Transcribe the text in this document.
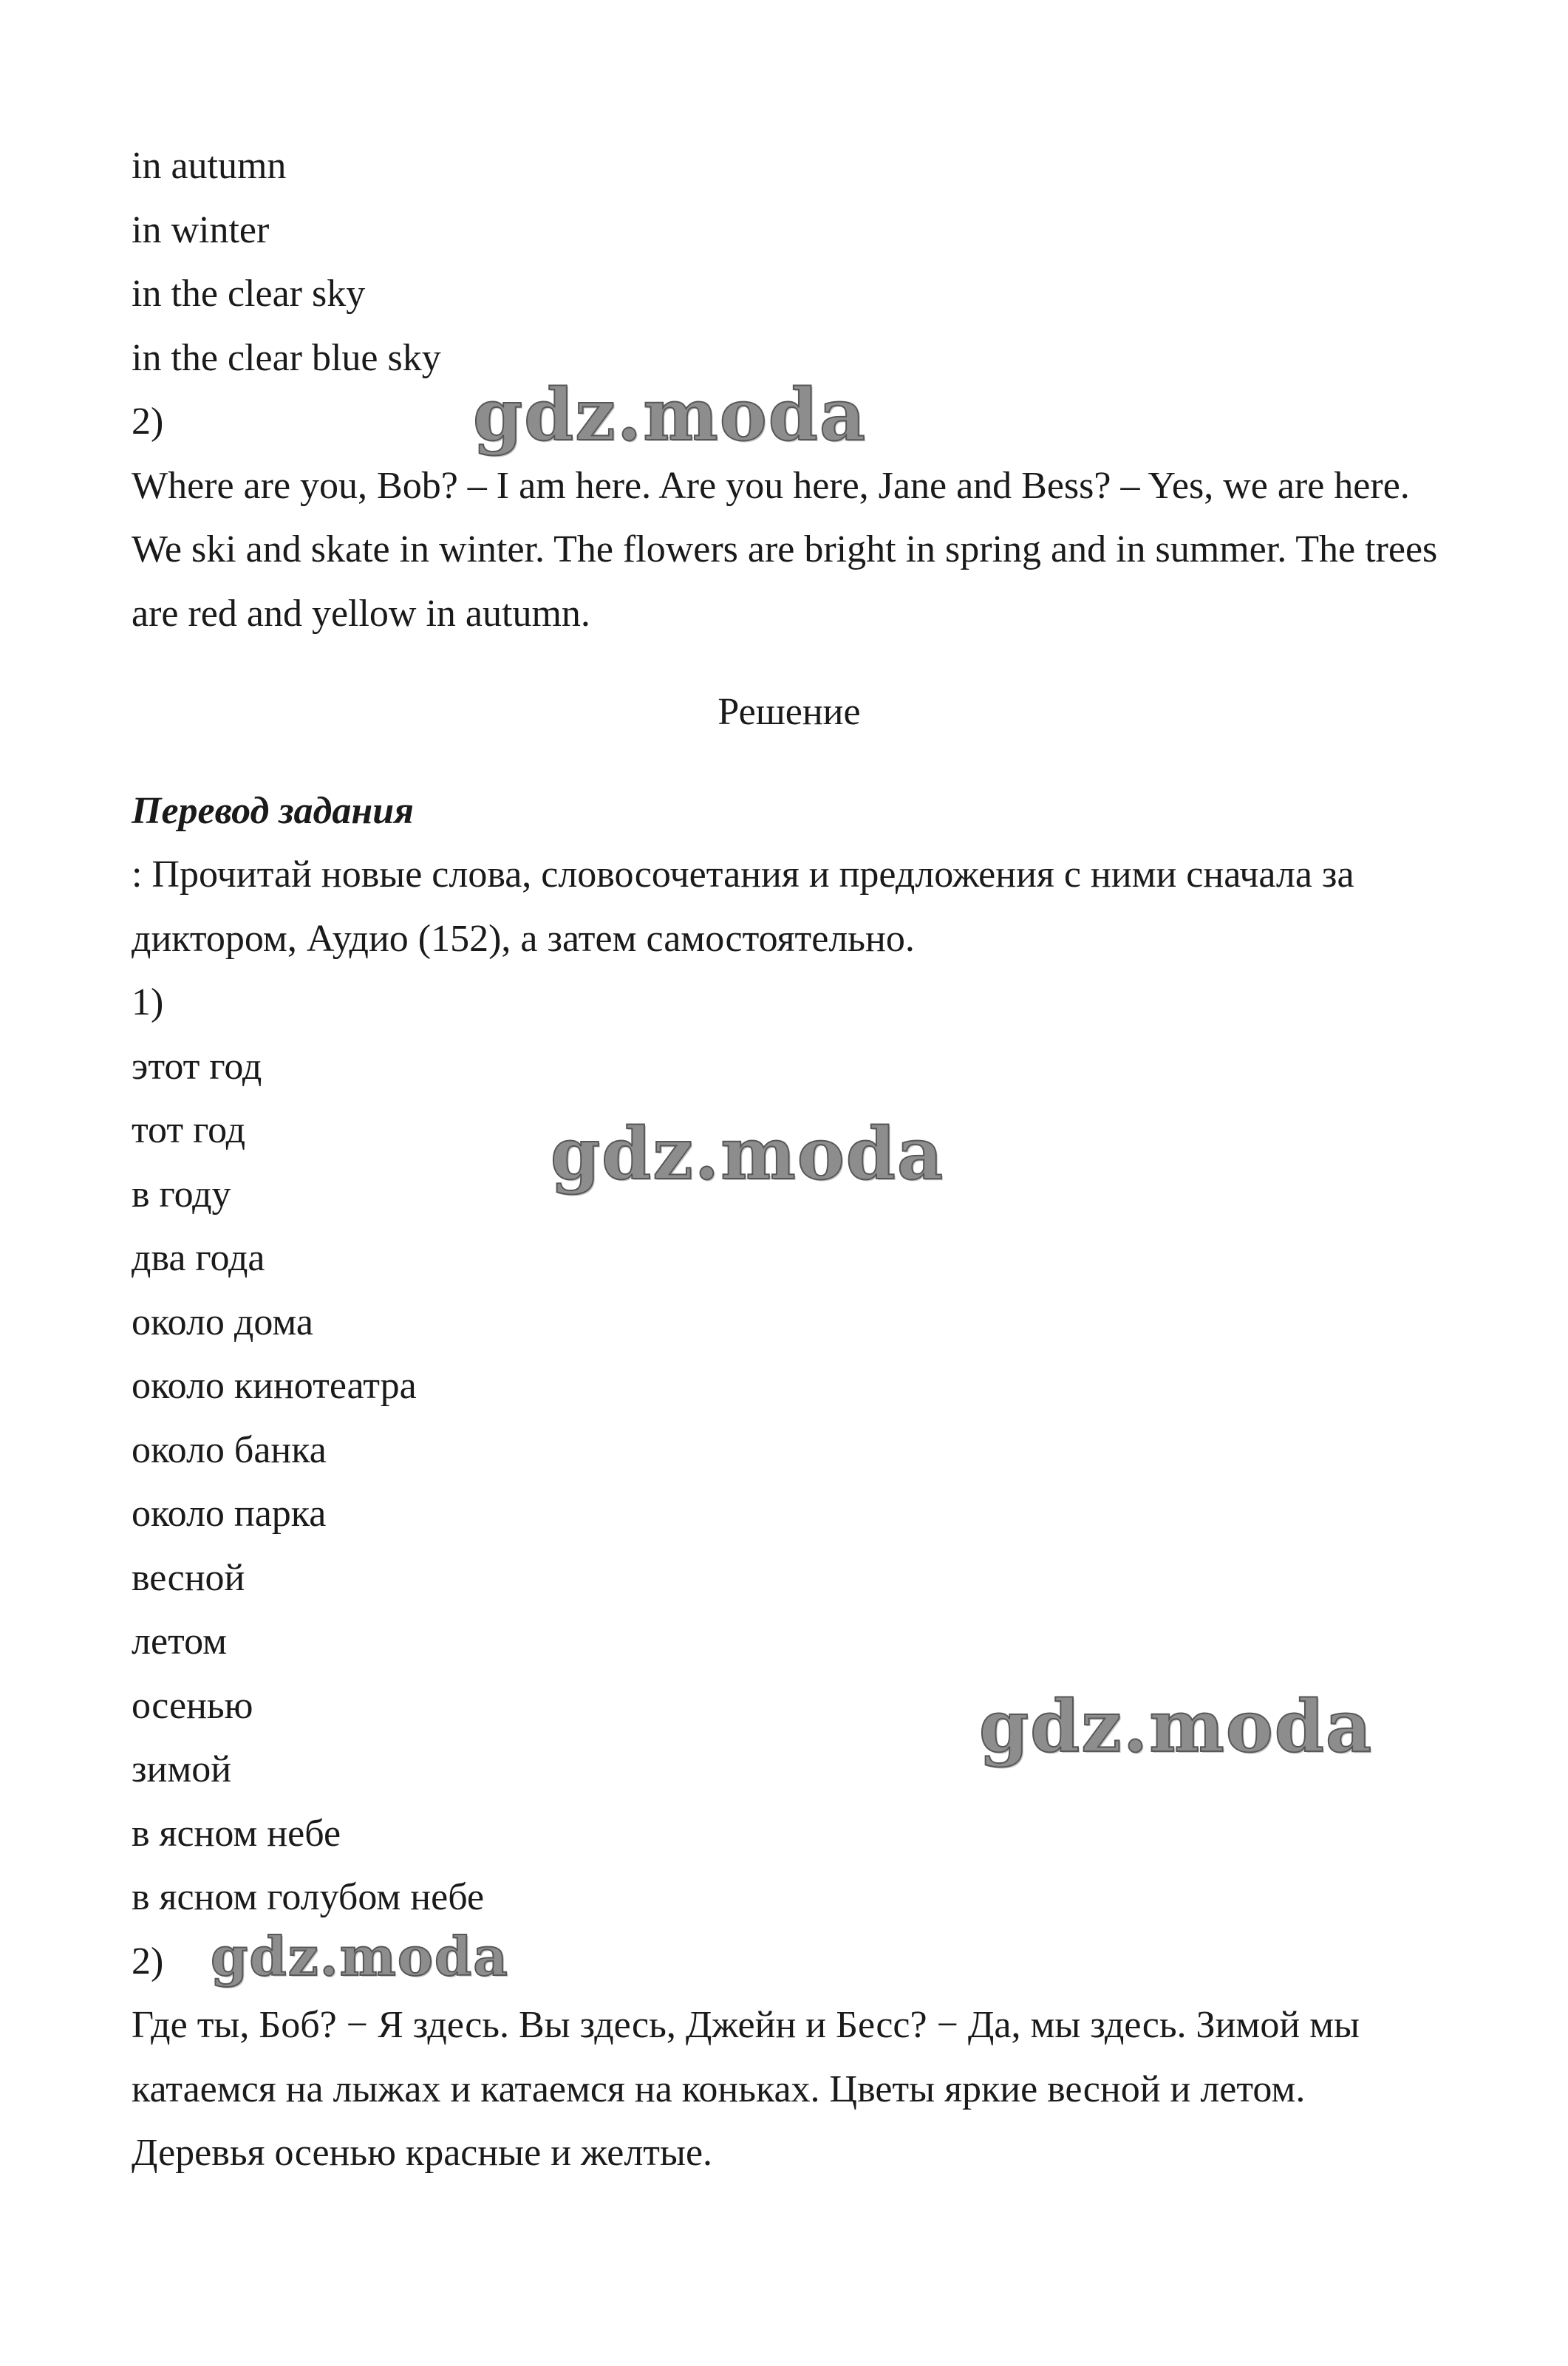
in autumn
in winter
in the clear sky
in the clear blue sky
2)
Where are you, Bob? – I am here. Are you here, Jane and Bess? – Yes, we are here. We ski and skate in winter. The flowers are bright in spring and in summer. The trees are red and yellow in autumn.
Решение
Перевод задания
: Прочитай новые слова, словосочетания и предложения с ними сначала за диктором, Аудио (152), а затем самостоятельно.
1)
этот год
тот год
в году
два года
около дома
около кинотеатра
около банка
около парка
весной
летом
осенью
зимой
в ясном небе
в ясном голубом небе
2)
Где ты, Боб? − Я здесь. Вы здесь, Джейн и Бесс? − Да, мы здесь. Зимой мы катаемся на лыжах и катаемся на коньках. Цветы яркие весной и летом. Деревья осенью красные и желтые.
gdz.moda
gdz.moda
gdz.moda
gdz.moda
